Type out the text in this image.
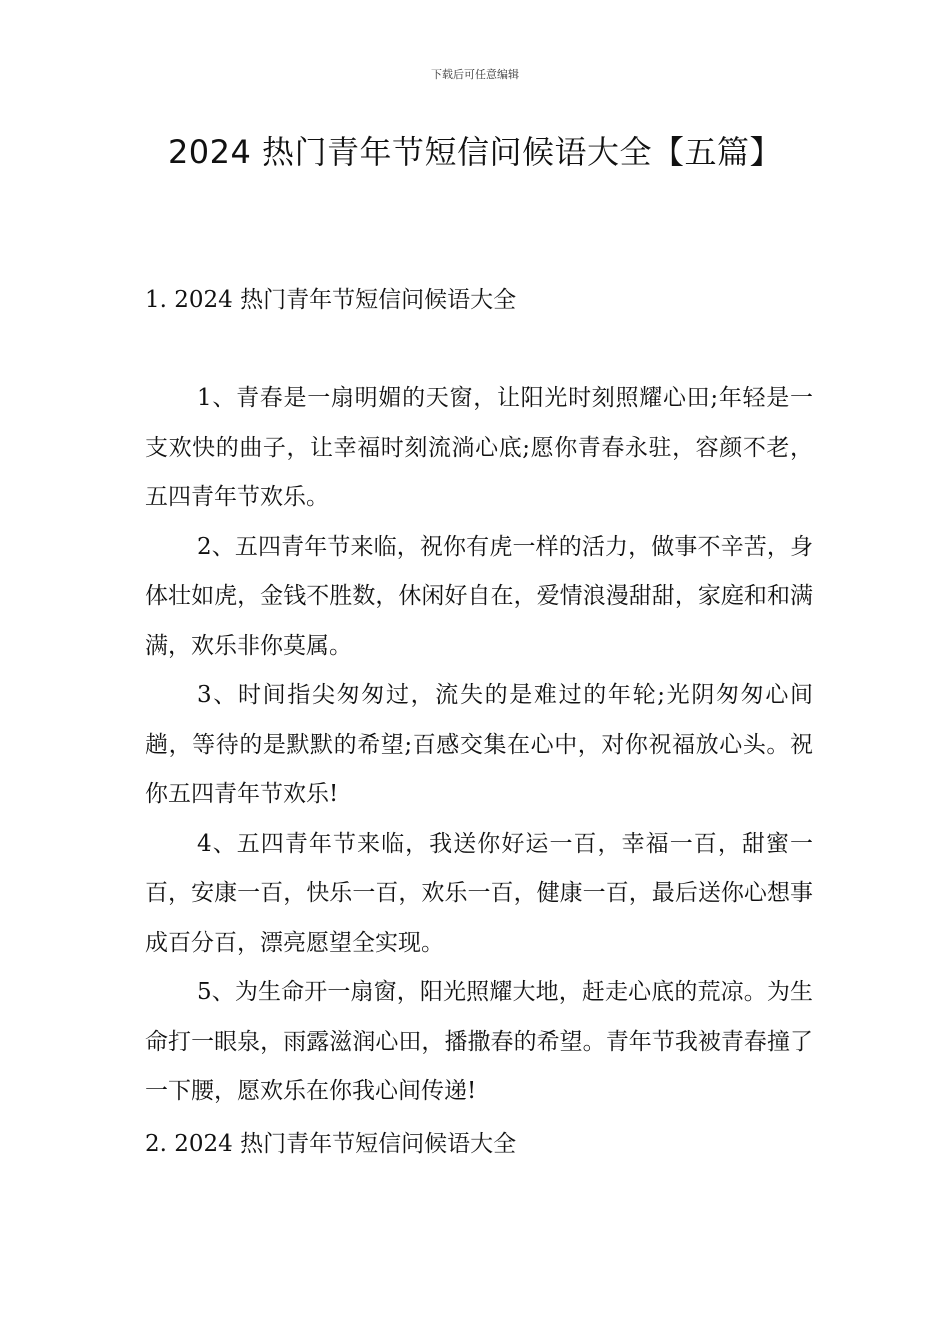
下载后可任意编辑

2024 热门青年节短信问候语大全【五篇】
1. 2024 热门青年节短信问候语大全
1、青春是一扇明媚的天窗，让阳光时刻照耀心田;年轻是一支欢快的曲子，让幸福时刻流淌心底;愿你青春永驻，容颜不老，五四青年节欢乐。
2、五四青年节来临，祝你有虎一样的活力，做事不辛苦，身体壮如虎，金钱不胜数，休闲好自在，爱情浪漫甜甜，家庭和和满满，欢乐非你莫属。
3、时间指尖匆匆过，流失的是难过的年轮;光阴匆匆心间趟，等待的是默默的希望;百感交集在心中，对你祝福放心头。祝你五四青年节欢乐!
4、五四青年节来临，我送你好运一百，幸福一百，甜蜜一百，安康一百，快乐一百，欢乐一百，健康一百，最后送你心想事成百分百，漂亮愿望全实现。
5、为生命开一扇窗，阳光照耀大地，赶走心底的荒凉。为生命打一眼泉，雨露滋润心田，播撒春的希望。青年节我被青春撞了一下腰，愿欢乐在你我心间传递!
2. 2024 热门青年节短信问候语大全
